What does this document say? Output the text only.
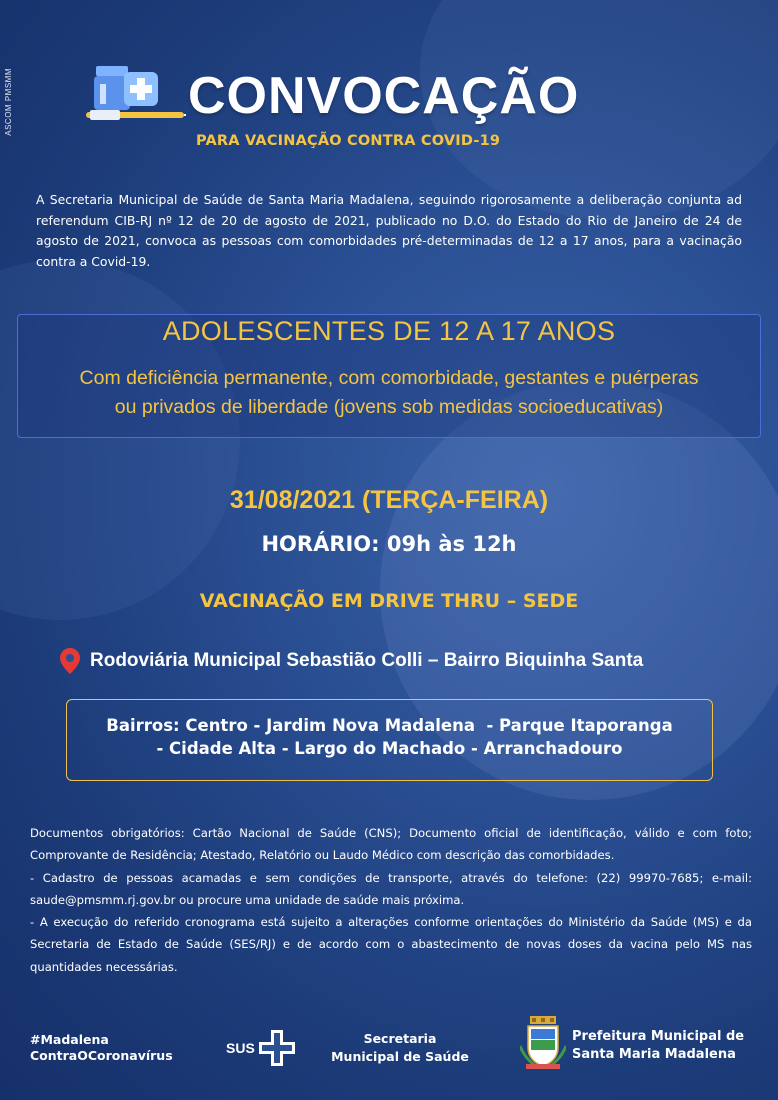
ASCOM PMSMM	CONVOCAÇÃO
PARA VACINAÇÃO CONTRA COVID-19
A Secretaria Municipal de Saúde de Santa Maria Madalena, seguindo rigorosamente a deliberação conjunta ad referendum CIB-RJ nº 12 de 20 de agosto de 2021, publicado no D.O. do Estado do Rio de Janeiro de 24 de agosto de 2021, convoca as pessoas com comorbidades pré-determinadas de 12 a 17 anos, para a vacinação contra a Covid-19.
ADOLESCENTES DE 12 A 17 ANOS
Com deficiência permanente, com comorbidade, gestantes e puérperas
ou privados de liberdade (jovens sob medidas socioeducativas)
31/08/2021 (TERÇA-FEIRA)
HORÁRIO: 09h às 12h
VACINAÇÃO EM DRIVE THRU – SEDE
Rodoviária Municipal Sebastião Colli – Bairro Biquinha Santa
Bairros: Centro - Jardim Nova Madalena  - Parque Itaporanga
- Cidade Alta - Largo do Machado - Arranchadouro

Documentos obrigatórios: Cartão Nacional de Saúde (CNS); Documento oficial de identificação, válido e com foto; Comprovante de Residência; Atestado, Relatório ou Laudo Médico com descrição das comorbidades.

- Cadastro de pessoas acamadas e sem condições de transporte, através do telefone: (22) 99970-7685; e-mail: saude@pmsmm.rj.gov.br ou procure uma unidade de saúde mais próxima.

- A execução do referido cronograma está sujeito a alterações conforme orientações do Ministério da Saúde (MS) e da Secretaria de Estado de Saúde (SES/RJ) e de acordo com o abastecimento de novas doses da vacina pelo MS nas quantidades necessárias.

#Madalena
ContraOCoronavírus	SUS
Secretaria
Municipal de Saúde
Prefeitura Municipal de
Santa Maria Madalena
